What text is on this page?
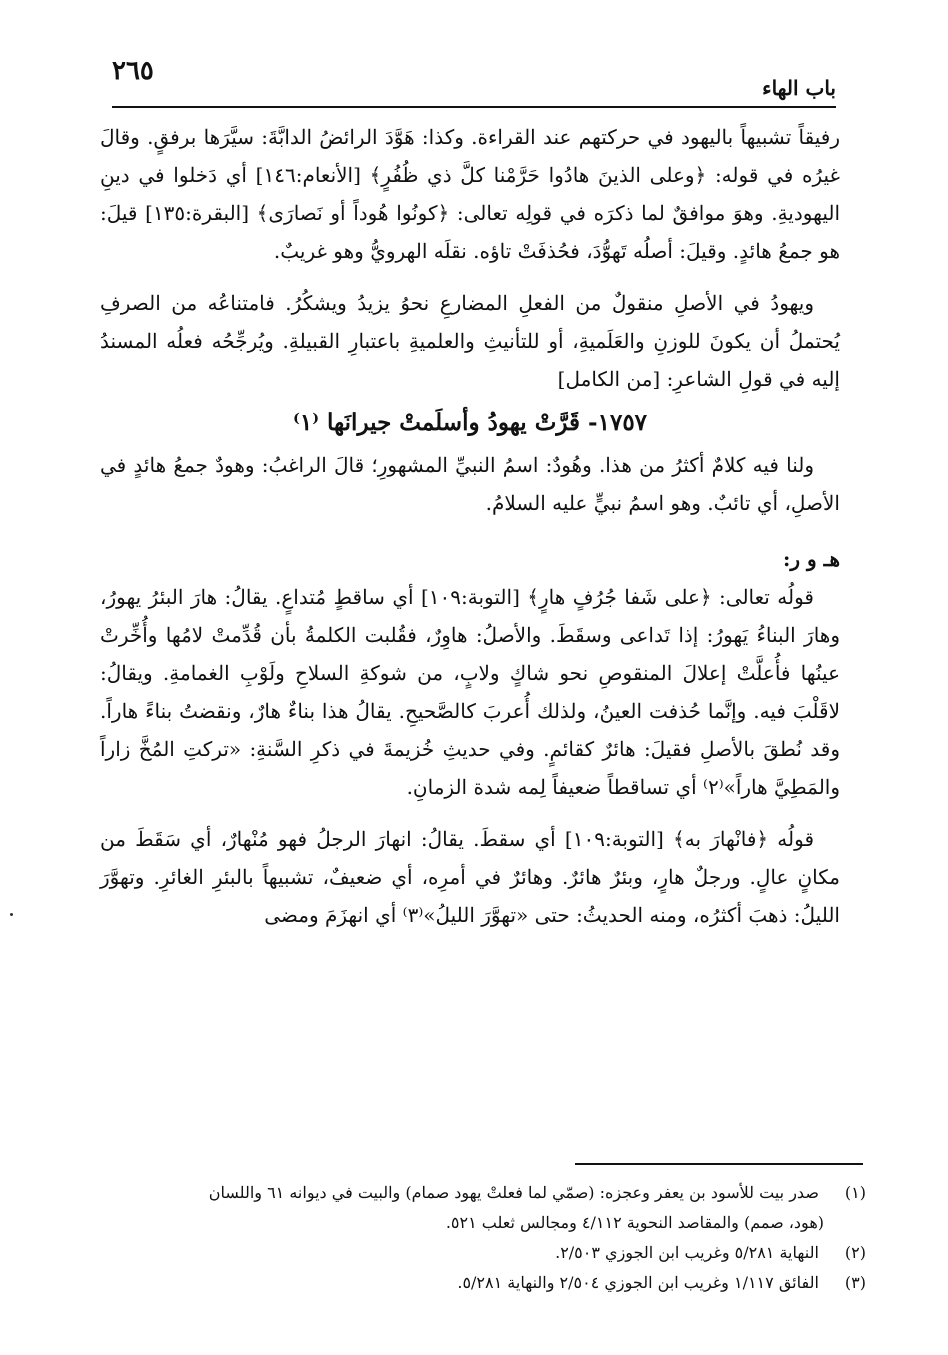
٢٦٥
باب الهاء

رفيقاً تشبيهاً باليهود في حركتهم عند القراءة. وكذا: هَوَّدَ الرائضُ الدابَّةَ: سيَّرَها برفقٍ. وقالَ غيرُه في قوله: ﴿وعلى الذينَ هادُوا حَرَّمْنا كلَّ ذي ظُفُرٍ﴾ [الأنعام:١٤٦] أي دَخلوا في دينِ اليهوديةِ. وهوَ موافقٌ لما ذكرَه في قولِه تعالى: ﴿كونُوا هُوداً أو نَصارَى﴾ [البقرة:١٣٥] قيلَ: هو جمعُ هائدٍ. وقيلَ: أصلُه تَهوُّدَ، فحُذفَتْ تاؤه. نقلَه الهرويُّ وهو غريبٌ.

ويهودُ في الأصلِ منقولٌ من الفعلِ المضارعِ نحوُ يزيدُ ويشكُرُ. فامتناعُه من الصرفِ يُحتملُ أن يكونَ للوزنِ والعَلَميةِ، أو للتأنيثِ والعلميةِ باعتبارِ القبيلةِ. ويُرجِّحُه فعلُه المسندُ إليه في قولِ الشاعرِ: [من الكامل]

١٧٥٧- قَرَّتْ يهودُ وأسلَمتْ جيرانَها ⁽١⁾

ولنا فيه كلامٌ أكثرُ من هذا. وهُودٌ: اسمُ النبيِّ المشهورِ؛ قالَ الراغبُ: وهودٌ جمعُ هائدٍ في الأصلِ، أي تائبٌ. وهو اسمُ نبيٍّ عليه السلامُ.

هـ و ر:

قولُه تعالى: ﴿على شَفا جُرُفٍ هارٍ﴾ [التوبة:١٠٩] أي ساقطٍ مُتداعٍ. يقالُ: هارَ البئرُ يهورُ، وهارَ البناءُ يَهورُ: إذا تَداعى وسقَطَ. والأصلُ: هاوِرٌ، فقُلبت الكلمةُ بأن قُدِّمتْ لامُها وأُخِّرتْ عينُها فأُعلَّتْ إعلالَ المنقوصِ نحو شاكٍ ولابٍ، من شوكةِ السلاحِ ولَوْبِ الغمامةِ. ويقالُ: لاقَلْبَ فيه. وإنَّما حُذفت العينُ، ولذلك أُعربَ كالصَّحيحِ. يقالُ هذا بناءٌ هارٌ، ونقضتُ بناءً هاراً. وقد نُطقَ بالأصلِ فقيلَ: هائرٌ كقائمٍ. وفي حديثِ خُزيمةَ في ذكرِ السَّنةِ: «تركتِ المُخَّ زاراً والمَطِيَّ هاراً»⁽٢⁾ أي تساقطاً ضعيفاً لِمه شدة الزمانِ.

قولُه ﴿فانْهارَ به﴾ [التوبة:١٠٩] أي سقطَ. يقالُ: انهارَ الرجلُ فهو مُنْهارٌ، أي سَقَطَ من مكانٍ عالٍ. ورجلٌ هارٍ، وبئرٌ هائرٌ. وهائرٌ في أمرِه، أي ضعيفٌ، تشبيهاً بالبئرِ الغائرِ. وتهوَّرَ الليلُ: ذهبَ أكثرُه، ومنه الحديثُ: حتى «تهوَّرَ الليلُ»⁽٣⁾ أي انهزَمَ ومضى

(١) صدر بيت للأسود بن يعفر وعجزه: (صمّي لما فعلتْ يهود صمام) والبيت في ديوانه ٦١ واللسان

(هود، صمم) والمقاصد النحوية ٤/١١٢ ومجالس ثعلب ٥٢١.

(٢) النهاية ٥/٢٨١ وغريب ابن الجوزي ٢/٥٠٣.

(٣) الفائق ١/١١٧ وغريب ابن الجوزي ٢/٥٠٤ والنهاية ٥/٢٨١.
